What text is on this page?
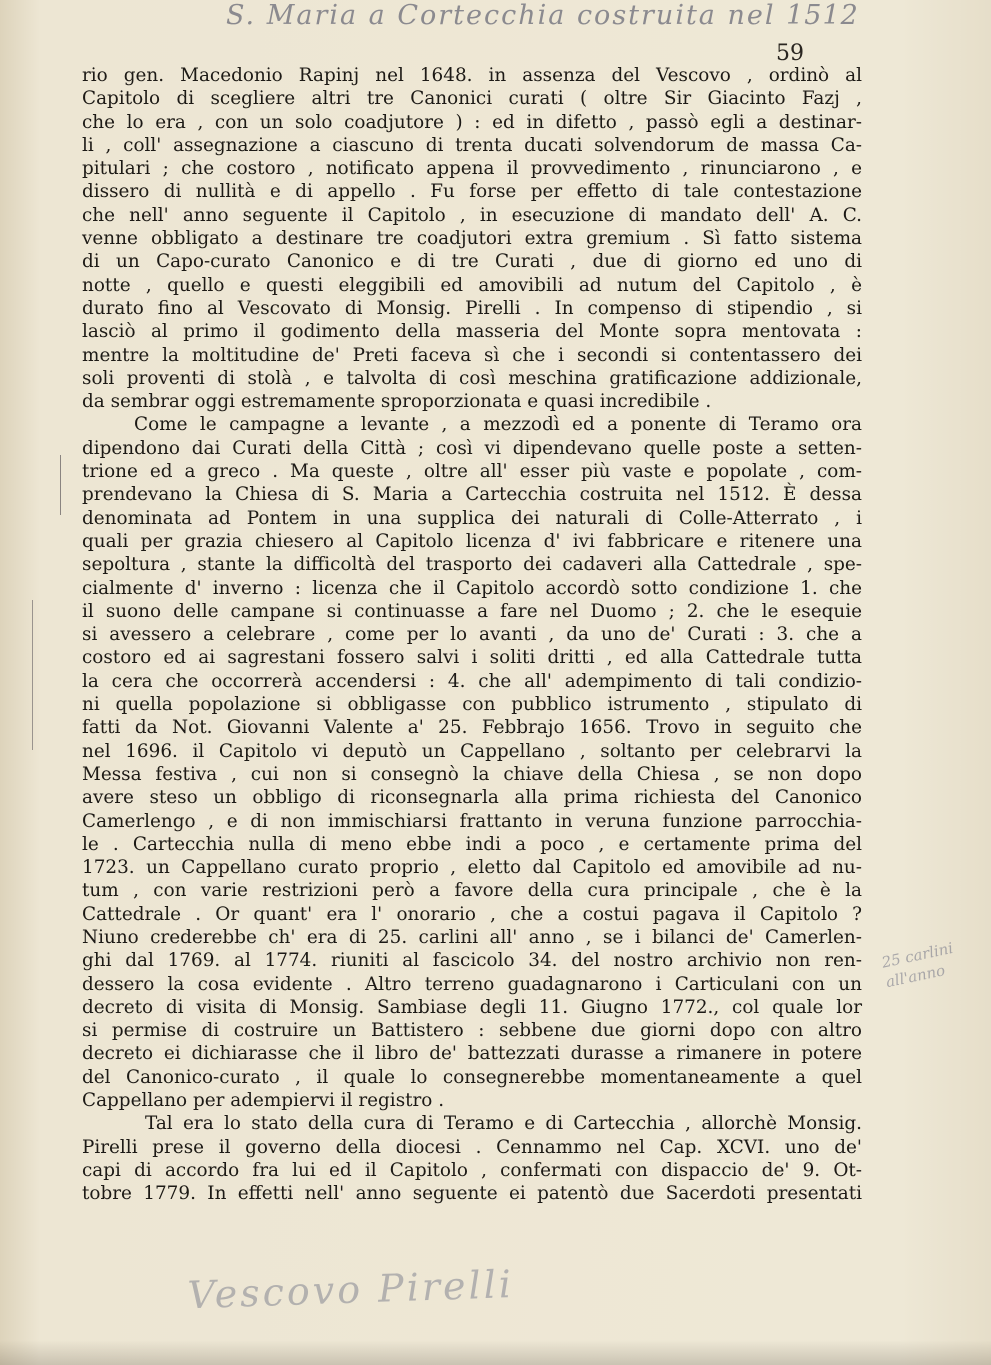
S. Maria a Cortecchia costruita nel 1512
59
rio gen. Macedonio Rapinj nel 1648. in assenza del Vescovo , ordinò al
Capitolo di scegliere altri tre Canonici curati ( oltre Sir Giacinto Fazj ,
che lo era , con un solo coadjutore ) : ed in difetto , passò egli a destinar-
li , coll' assegnazione a ciascuno di trenta ducati solvendorum de massa Ca-
pitulari ; che costoro , notificato appena il provvedimento , rinunciarono , e
dissero di nullità e di appello . Fu forse per effetto di tale contestazione
che nell' anno seguente il Capitolo , in esecuzione di mandato dell' A. C.
venne obbligato a destinare tre coadjutori extra gremium . Sì fatto sistema
di un Capo-curato Canonico e di tre Curati , due di giorno ed uno di
notte , quello e questi eleggibili ed amovibili ad nutum del Capitolo , è
durato fino al Vescovato di Monsig. Pirelli . In compenso di stipendio , si
lasciò al primo il godimento della masseria del Monte sopra mentovata :
mentre la moltitudine de' Preti faceva sì che i secondi si contentassero dei
soli proventi di stolà , e talvolta di così meschina gratificazione addizionale,
da sembrar oggi estremamente sproporzionata e quasi incredibile .
Come le campagne a levante , a mezzodì ed a ponente di Teramo ora
dipendono dai Curati della Città ; così vi dipendevano quelle poste a setten-
trione ed a greco . Ma queste , oltre all' esser più vaste e popolate , com-
prendevano la Chiesa di S. Maria a Cartecchia costruita nel 1512. È dessa
denominata ad Pontem in una supplica dei naturali di Colle-Atterrato , i
quali per grazia chiesero al Capitolo licenza d' ivi fabbricare e ritenere una
sepoltura , stante la difficoltà del trasporto dei cadaveri alla Cattedrale , spe-
cialmente d' inverno : licenza che il Capitolo accordò sotto condizione 1. che
il suono delle campane si continuasse a fare nel Duomo ; 2. che le esequie
si avessero a celebrare , come per lo avanti , da uno de' Curati : 3. che a
costoro ed ai sagrestani fossero salvi i soliti dritti , ed alla Cattedrale tutta
la cera che occorrerà accendersi : 4. che all' adempimento di tali condizio-
ni quella popolazione si obbligasse con pubblico istrumento , stipulato di
fatti da Not. Giovanni Valente a' 25. Febbrajo 1656. Trovo in seguito che
nel 1696. il Capitolo vi deputò un Cappellano , soltanto per celebrarvi la
Messa festiva , cui non si consegnò la chiave della Chiesa , se non dopo
avere steso un obbligo di riconsegnarla alla prima richiesta del Canonico
Camerlengo , e di non immischiarsi frattanto in veruna funzione parrocchia-
le . Cartecchia nulla di meno ebbe indi a poco , e certamente prima del
1723. un Cappellano curato proprio , eletto dal Capitolo ed amovibile ad nu-
tum , con varie restrizioni però a favore della cura principale , che è la
Cattedrale . Or quant' era l' onorario , che a costui pagava il Capitolo ?
Niuno crederebbe ch' era di 25. carlini all' anno , se i bilanci de' Camerlen-
ghi dal 1769. al 1774. riuniti al fascicolo 34. del nostro archivio non ren-
dessero la cosa evidente . Altro terreno guadagnarono i Carticulani con un
decreto di visita di Monsig. Sambiase degli 11. Giugno 1772., col quale lor
si permise di costruire un Battistero : sebbene due giorni dopo con altro
decreto ei dichiarasse che il libro de' battezzati durasse a rimanere in potere
del Canonico-curato , il quale lo consegnerebbe momentaneamente a quel
Cappellano per adempiervi il registro .
Tal era lo stato della cura di Teramo e di Cartecchia , allorchè Monsig.
Pirelli prese il governo della diocesi . Cennammo nel Cap. XCVI. uno de'
capi di accordo fra lui ed il Capitolo , confermati con dispaccio de' 9. Ot-
tobre 1779. In effetti nell' anno seguente ei patentò due Sacerdoti presentati
25 carlini all'anno
Vescovo Pirelli
